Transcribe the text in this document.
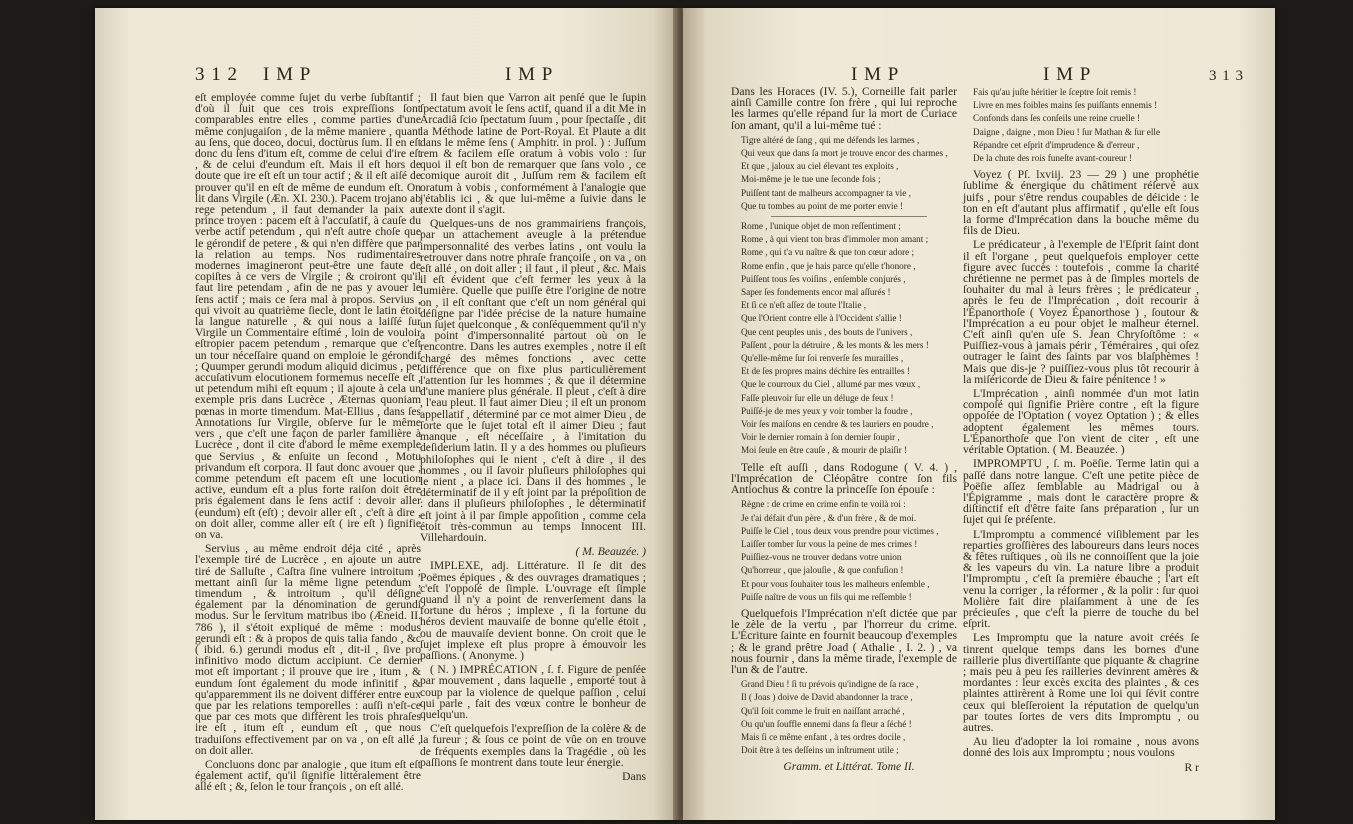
3 1 2 I M P	I M P

eſt employée comme ſujet du verbe ſubſtantif ; d'où il ſuit que ces trois expreſſions ſont comparables entre elles , comme parties d'une même conjugaiſon , de la même maniere , quant au ſens, que doceo, docui, doctùrus ſum. Il en eſt donc du ſens d'itum eſt, comme de celui d'ire eſt , & de celui d'eundum eſt. Mais il eſt hors de doute que ire eſt eſt un tour actif ; & il eſt aiſé de prouver qu'il en eſt de même de eundum eſt. On lit dans Virgile (Æn. XI. 230.). Pacem trojano ab rege petendum , il faut demander la paix au prince troyen : pacem eſt à l'accuſatif, à cauſe du verbe actif petendum , qui n'eſt autre choſe que le gérondif de petere , & qui n'en diffère que par la relation au temps. Nos rudimentaires modernes imagineront peut-être une faute de copiſtes à ce vers de Virgile ; & croiront qu'il faut lire petendam , afin de ne pas y avouer le ſens actif ; mais ce ſera mal à propos. Servius , qui vivoit au quatrième ſiecle, dont le latin étoit la langue naturelle , & qui nous a laiſſé ſur Virgile un Commentaire eſtimé , loin de vouloir eſtropier pacem petendum , remarque que c'eſt un tour néceſſaire quand on emploie le gérondif ; Quumper gerundi modum aliquid dicimus , per accuſativum elocutionem formemus neceſſe eſt , ut petendum mihi eſt equum ; il ajoute à cela un exemple pris dans Lucrèce , Æternas quoniam pœnas in morte timendum. Mat-Ellius , dans ſes Annotations ſur Virgile, obſerve ſur le même vers , que c'eſt une façon de parler familière à Lucrèce , dont il cite d'abord le même exemple que Servius , & enſuite un ſecond , Motu privandum eſt corpora. Il faut donc avouer que , comme petendum eſt pacem eſt une locution active, eundum eſt a plus forte raiſon doit être pris également dans le ſens actif : devoir aller (eundum) eſt (eſt) ; devoir aller eſt , c'eſt à dire , on doit aller, comme aller eſt ( ire eſt ) ſignifie on va.

Servius , au même endroit déja cité , après l'exemple tiré de Lucrèce , en ajoute un autre tiré de Salluſte , Caſtra ſine vulnere introitum ; mettant ainſi ſur la même ligne petendum , timendum , & introitum , qu'il déſigne également par la dénomination de gerundi modus. Sur le ſervitum matribus ibo (Æneid. II. 786 ), il s'étoit expliqué de même : modus gerundi eſt : & à propos de quis talia fando , &c ( ibid. 6.) gerundi modus eſt , dit-il , ſive pro infinitivo modo dictum accipiunt. Ce dernier mot eſt important ; il prouve que ire , itum , & eundum ſont également du mode infinitif , & qu'apparemment ils ne doivent différer entre eux que par les relations temporelles : auſſi n'eſt-ce que par ces mots que diffèrent les trois phraſes ire eſt , itum eſt , eundum eſt , que nous traduiſons effectivement par on va , on eſt allé , on doit aller.

Concluons donc par analogie , que itum eſt eſt également actif, qu'il ſignifie littéralement être allé eſt ; &, ſelon le tour françois , on eſt allé.

Il faut bien que Varron ait penſé que le ſupin ſpectatum avoit le ſens actif, quand il a dit Me in Arcadiâ ſcio ſpectatum ſuum , pour ſpectaſſe , dit la Méthode latine de Port-Royal. Et Plaute a dit dans le même ſens ( Amphitr. in prol. ) : Juſſum rem & facilem eſſe oratum à vobis volo : ſur quoi il eſt bon de remarquer que ſans volo , ce comique auroit dit , Juſſum rem & facilem eſt oratum à vobis , conformément à l'analogie que j'établis ici , & que lui-même a ſuivie dans le texte dont il s'agit.

Quelques-uns de nos grammairiens françois, par un attachement aveugle à la prétendue impersonnalité des verbes latins , ont voulu la retrouver dans notre phraſe françoiſe , on va , on eſt allé , on doit aller ; il faut , il pleut , &c. Mais il eſt évident que c'eſt fermer les yeux à la lumière. Quelle que puiſſe être l'origine de notre on , il eſt conſtant que c'eſt un nom général qui déſigne par l'idée précise de la nature humaine un ſujet quelconque , & conſéquemment qu'il n'y a point d'impersonnalité partout où on le rencontre. Dans les autres exemples , notre il eſt chargé des mêmes fonctions , avec cette différence que on fixe plus particulièrement l'attention ſur les hommes ; & que il détermine d'une maniere plus générale. Il pleut , c'eſt à dire , l'eau pleut. Il faut aimer Dieu ; il eſt un pronom appellatif , déterminé par ce mot aimer Dieu , de ſorte que le ſujet total eſt il aimer Dieu ; faut manque , eſt néceſſaire , à l'imitation du deſiderium latin. Il y a des hommes ou pluſieurs philoſophes qui le nient , c'eſt à dire , il des hommes , ou il ſavoir pluſieurs philoſophes qui le nient , a place ici. Dans il des hommes , le déterminatif de il y eſt joint par la prépoſition de : dans il pluſieurs philoſophes , le déterminatif eſt joint à il par ſimple appoſition , comme cela étoit très-commun au temps Innocent III. Villehardouin.

( M. Beauzée. )

IMPLEXE, adj. Littérature. Il ſe dit des Poëmes épiques , & des ouvrages dramatiques ; c'eſt l'oppoſé de ſimple. L'ouvrage eſt ſimple quand il n'y a point de renverſement dans la fortune du héros ; implexe , ſi la fortune du héros devient mauvaiſe de bonne qu'elle étoit , ou de mauvaiſe devient bonne. On croit que le ſujet implexe eſt plus propre à émouvoir les paſſions. ( Anonyme. )

( N. ) IMPRÉCATION , ſ. f. Figure de penſée par mouvement , dans laquelle , emporté tout à coup par la violence de quelque paſſion , celui qui parle , fait des vœux contre le bonheur de quelqu'un.

C'eſt quelquefois l'expreſſion de la colère & de la fureur ; & ſous ce point de vûe on en trouve de fréquents exemples dans la Tragédie , où les paſſions ſe montrent dans toute leur énergie.

Dans

I M P	I M P	3 1 3

Dans les Horaces (IV. 5.), Corneille fait parler ainſi Camille contre ſon frère , qui lui reproche les larmes qu'elle répand ſur la mort de Curiace ſon amant, qu'il a lui-même tué :

Tigre altéré de ſang , qui me défends les larmes ,
Qui veux que dans ſa mort je trouve encor des charmes ,
Et que , jaloux au ciel élevant tes exploits ,
Moi-même je le tue une ſeconde fois ;
Puiſſent tant de malheurs accompagner ta vie ,
Que tu tombes au point de me porter envie !
Rome , l'unique objet de mon reſſentiment ;
Rome , à qui vient ton bras d'immoler mon amant ;
Rome , qui t'a vu naître & que ton cœur adore ;
Rome enfin , que je hais parce qu'elle t'honore ,
Puiſſent tous ſes voiſins , enſemble conjurés ,
Saper ſes fondements encor mal aſſurés !
Et ſi ce n'eſt aſſez de toute l'Italie ,
Que l'Orient contre elle à l'Occident s'allie !
Que cent peuples unis , des bouts de l'univers ,
Paſſent , pour la détruire , & les monts & les mers !
Qu'elle-même ſur ſoi renverſe ſes murailles ,
Et de ſes propres mains déchire ſes entrailles !
Que le courroux du Ciel , allumé par mes vœux ,
Faſſe pleuvoir ſur elle un déluge de feux !
Puiſſé-je de mes yeux y voir tomber la foudre ,
Voir ſes maiſons en cendre & tes lauriers en poudre ,
Voir le dernier romain à ſon dernier ſoupir ,
Moi ſeule en être cauſe , & mourir de plaiſir !

Telle eſt auſſi , dans Rodogune ( V. 4. ) , l'Imprécation de Cléopâtre contre ſon fils Antiochus & contre la princeſſe ſon épouſe :

Règne : de crime en crime enfin te voilà roi :
Je t'ai défait d'un père , & d'un frère , & de moi.
Puiſſe le Ciel , tous deux vous prendre pour victimes ,
Laiſſer tomber ſur vous la peine de mes crimes !
Puiſſiez-vous ne trouver dedans votre union
Qu'horreur , que jalouſie , & que confuſion !
Et pour vous ſouhaiter tous les malheurs enſemble ,
Puiſſe naître de vous un fils qui me reſſemble !

Quelquefois l'Imprécation n'eſt dictée que par le zèle de la vertu , par l'horreur du crime. L'Écriture ſainte en fournit beaucoup d'exemples ; & le grand prêtre Joad ( Athalie , I. 2. ) , va nous fournir , dans la même tirade, l'exemple de l'un & de l'autre.

Grand Dieu ! ſi tu prévois qu'indigne de ſa race ,
Il ( Joas ) doive de David abandonner la trace ,
Qu'il ſoit comme le fruit en naiſſant arraché ,
Ou qu'un ſouffle ennemi dans ſa fleur a ſéché !
Mais ſi ce même enfant , à tes ordres docile ,
Doit être à tes deſſeins un inſtrument utile ;

Gramm. et Littérat. Tome II.

Fais qu'au juſte héritier le ſceptre ſoit remis !
Livre en mes foibles mains ſes puiſſants ennemis !
Confonds dans ſes conſeils une reine cruelle !
Daigne , daigne , mon Dieu ! ſur Mathan & ſur elle
Répandre cet eſprit d'imprudence & d'erreur ,
De la chute des rois funeſte avant-coureur !

Voyez ( Pſ. lxviij. 23 — 29 ) une prophétie ſublime & énergique du châtiment réſervé aux juifs , pour s'être rendus coupables de déicide : le ton en eſt d'autant plus affirmatif , qu'elle eſt ſous la forme d'Imprécation dans la bouche même du fils de Dieu.

Le prédicateur , à l'exemple de l'Eſprit ſaint dont il eſt l'organe , peut quelquefois employer cette figure avec ſuccès : toutefois , comme la charité chrétienne ne permet pas à de ſimples mortels de ſouhaiter du mal à leurs frères ; le prédicateur , après le feu de l'Imprécation , doit recourir à l'Épanorthoſe ( Voyez Épanorthose ) , ſoutour & l'Imprécation a eu pour objet le malheur éternel. C'eſt ainſi qu'en uſe S. Jean Chryſoſtôme : « Puiſſiez-vous à jamais périr , Téméraires , qui oſez outrager le ſaint des ſaints par vos blaſphèmes ! Mais que dis-je ? puiſſiez-vous plus tôt recourir à la miſéricorde de Dieu & faire pénitence ! »

L'Imprécation , ainſi nommée d'un mot latin compoſé qui ſignifie Prière contre , eſt la figure oppoſée de l'Optation ( voyez Optation ) ; & elles adoptent également les mêmes tours. L'Épanorthoſe que l'on vient de citer , eſt une véritable Optation. ( M. Beauzée. )

IMPROMPTU , ſ. m. Poëſie. Terme latin qui a paſſé dans notre langue. C'eſt une petite pièce de Poëſie aſſez ſemblable au Madrigal ou à l'Épigramme , mais dont le caractère propre & diſtinctif eſt d'être faite ſans préparation , ſur un ſujet qui ſe préſente.

L'Impromptu a commencé viſiblement par les reparties groſſières des laboureurs dans leurs noces & fêtes ruſtiques , où ils ne connoiſſent que la joie & les vapeurs du vin. La nature libre a produit l'Impromptu , c'eſt ſa première ébauche ; l'art eſt venu la corriger , la réformer , & la polir : ſur quoi Molière fait dire plaiſamment à une de ſes précieuſes , que c'eſt la pierre de touche du bel eſprit.

Les Impromptu que la nature avoit créés ſe tinrent quelque temps dans les bornes d'une raillerie plus divertiſſante que piquante & chagrine ; mais peu à peu ſes railleries devinrent amères & mordantes : leur excès excita des plaintes , & ces plaintes attirèrent à Rome une loi qui ſévit contre ceux qui bleſſeroient la réputation de quelqu'un par toutes ſortes de vers dits Impromptu , ou autres.

Au lieu d'adopter la loi romaine , nous avons donné des lois aux Impromptu ; nous voulons

R r
